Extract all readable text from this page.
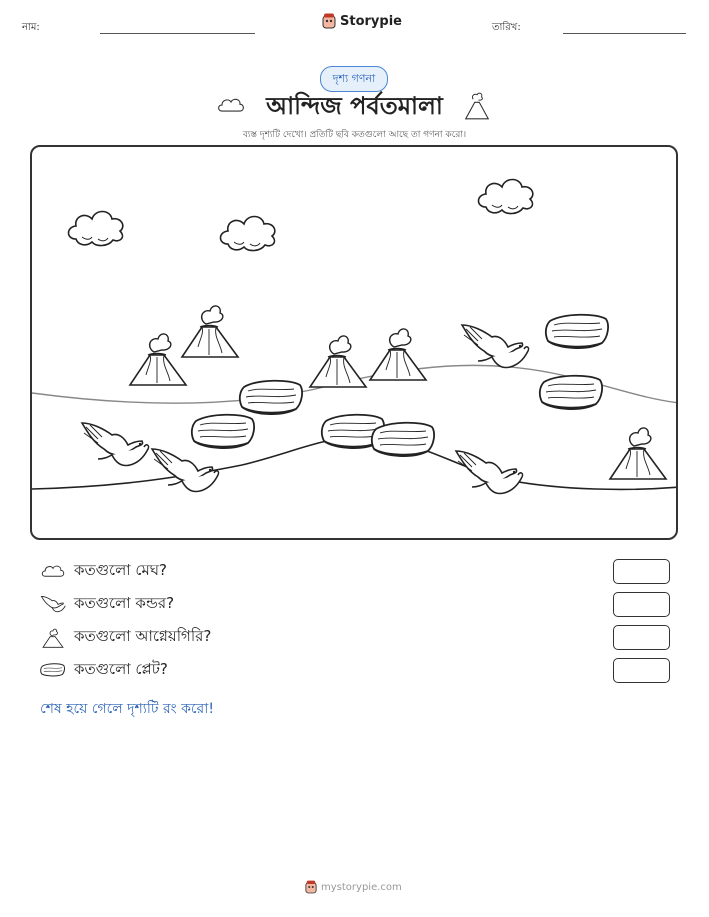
নাম:	Storypie	তারিখ:
দৃশ্য গণনা
আন্দিজ পর্বতমালা
ব্যস্ত দৃশ্যটি দেখো। প্রতিটি ছবি কতগুলো আছে তা গণনা করো।
কতগুলো মেঘ?
কতগুলো কন্ডর?
কতগুলো আগ্নেয়গিরি?
কতগুলো প্লেট?
শেষ হয়ে গেলে দৃশ্যটি রং করো!
mystorypie.com
